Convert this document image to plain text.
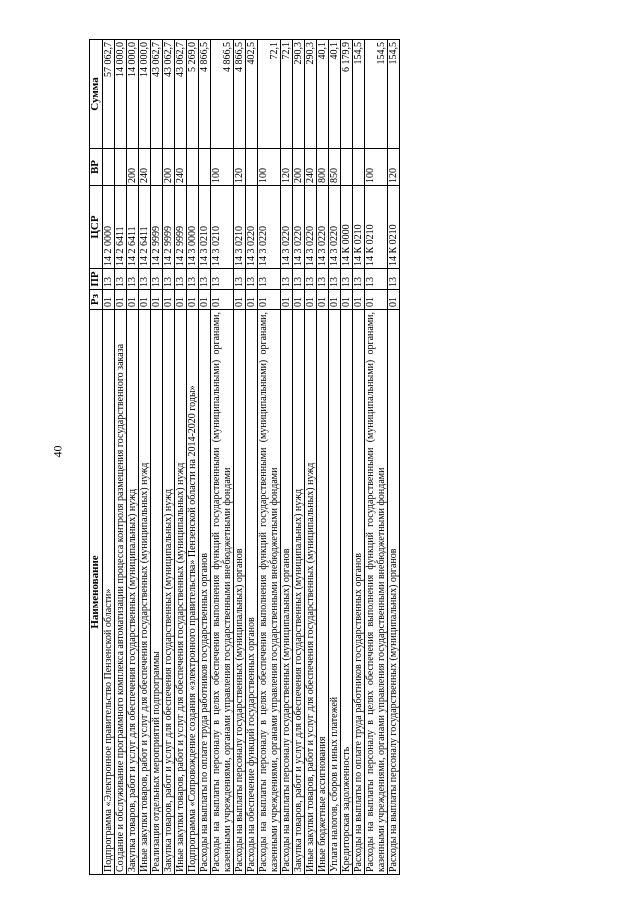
40
Наименование	Рз	ПР	ЦСР	ВР	Сумма
Подпрограмма «Электронное правительство Пензенской области»	01	13	14 2 0000		57 062,7
Создание и обслуживание программного комплекса автоматизации процесса контроля размещения государственного заказа	01	13	14 2 6411		14 000,0
Закупка товаров, работ и услуг для обеспечения государственных (муниципальных) нужд	01	13	14 2 6411	200	14 000,0
Иные закупки товаров, работ и услуг для обеспечения государственных (муниципальных) нужд	01	13	14 2 6411	240	14 000,0
Реализация отдельных мероприятий подпрограммы	01	13	14 2 9999		43 062,7
Закупка товаров, работ и услуг для обеспечения государственных (муниципальных) нужд	01	13	14 2 9999	200	43 062,7
Иные закупки товаров, работ и услуг для обеспечения государственных (муниципальных) нужд	01	13	14 2 9999	240	43 062,7
Подпрограмма «Сопровождение создания «электронного правительства» Пензенской области на 2014-2020 годы»	01	13	14 3 0000		5 269,0
Расходы на выплаты по оплате труда работников государственных органов	01	13	14 3 0210		4 866,5
Расходы на выплаты персоналу в целях обеспечения выполнения функций государственными (муниципальными) органами, казенными учреждениями, органами управления государственными внебюджетными фондами	01	13	14 3 0210	100	4 866,5
Расходы на выплаты персоналу государственных (муниципальных) органов	01	13	14 3 0210	120	4 866,5
Расходы на обеспечение функций государственных органов	01	13	14 3 0220		402,5
Расходы на выплаты персоналу в целях обеспечения выполнения функций государственными (муниципальными) органами, казенными учреждениями, органами управления государственными внебюджетными фондами	01	13	14 3 0220	100	72,1
Расходы на выплаты персоналу государственных (муниципальных) органов	01	13	14 3 0220	120	72,1
Закупка товаров, работ и услуг для обеспечения государственных (муниципальных) нужд	01	13	14 3 0220	200	290,3
Иные закупки товаров, работ и услуг для обеспечения государственных (муниципальных) нужд	01	13	14 3 0220	240	290,3
Иные бюджетные ассигнования	01	13	14 3 0220	800	40,1
Уплата налогов, сборов и иных платежей	01	13	14 3 0220	850	40,1
Кредиторская задолженность	01	13	14 К 0000		6 179,9
Расходы на выплаты по оплате труда работников государственных органов	01	13	14 К 0210		154,5
Расходы на выплаты персоналу в целях обеспечения выполнения функций государственными (муниципальными) органами, казенными учреждениями, органами управления государственными внебюджетными фондами	01	13	14 К 0210	100	154,5
Расходы на выплаты персоналу государственных (муниципальных) органов	01	13	14 К 0210	120	154,5
